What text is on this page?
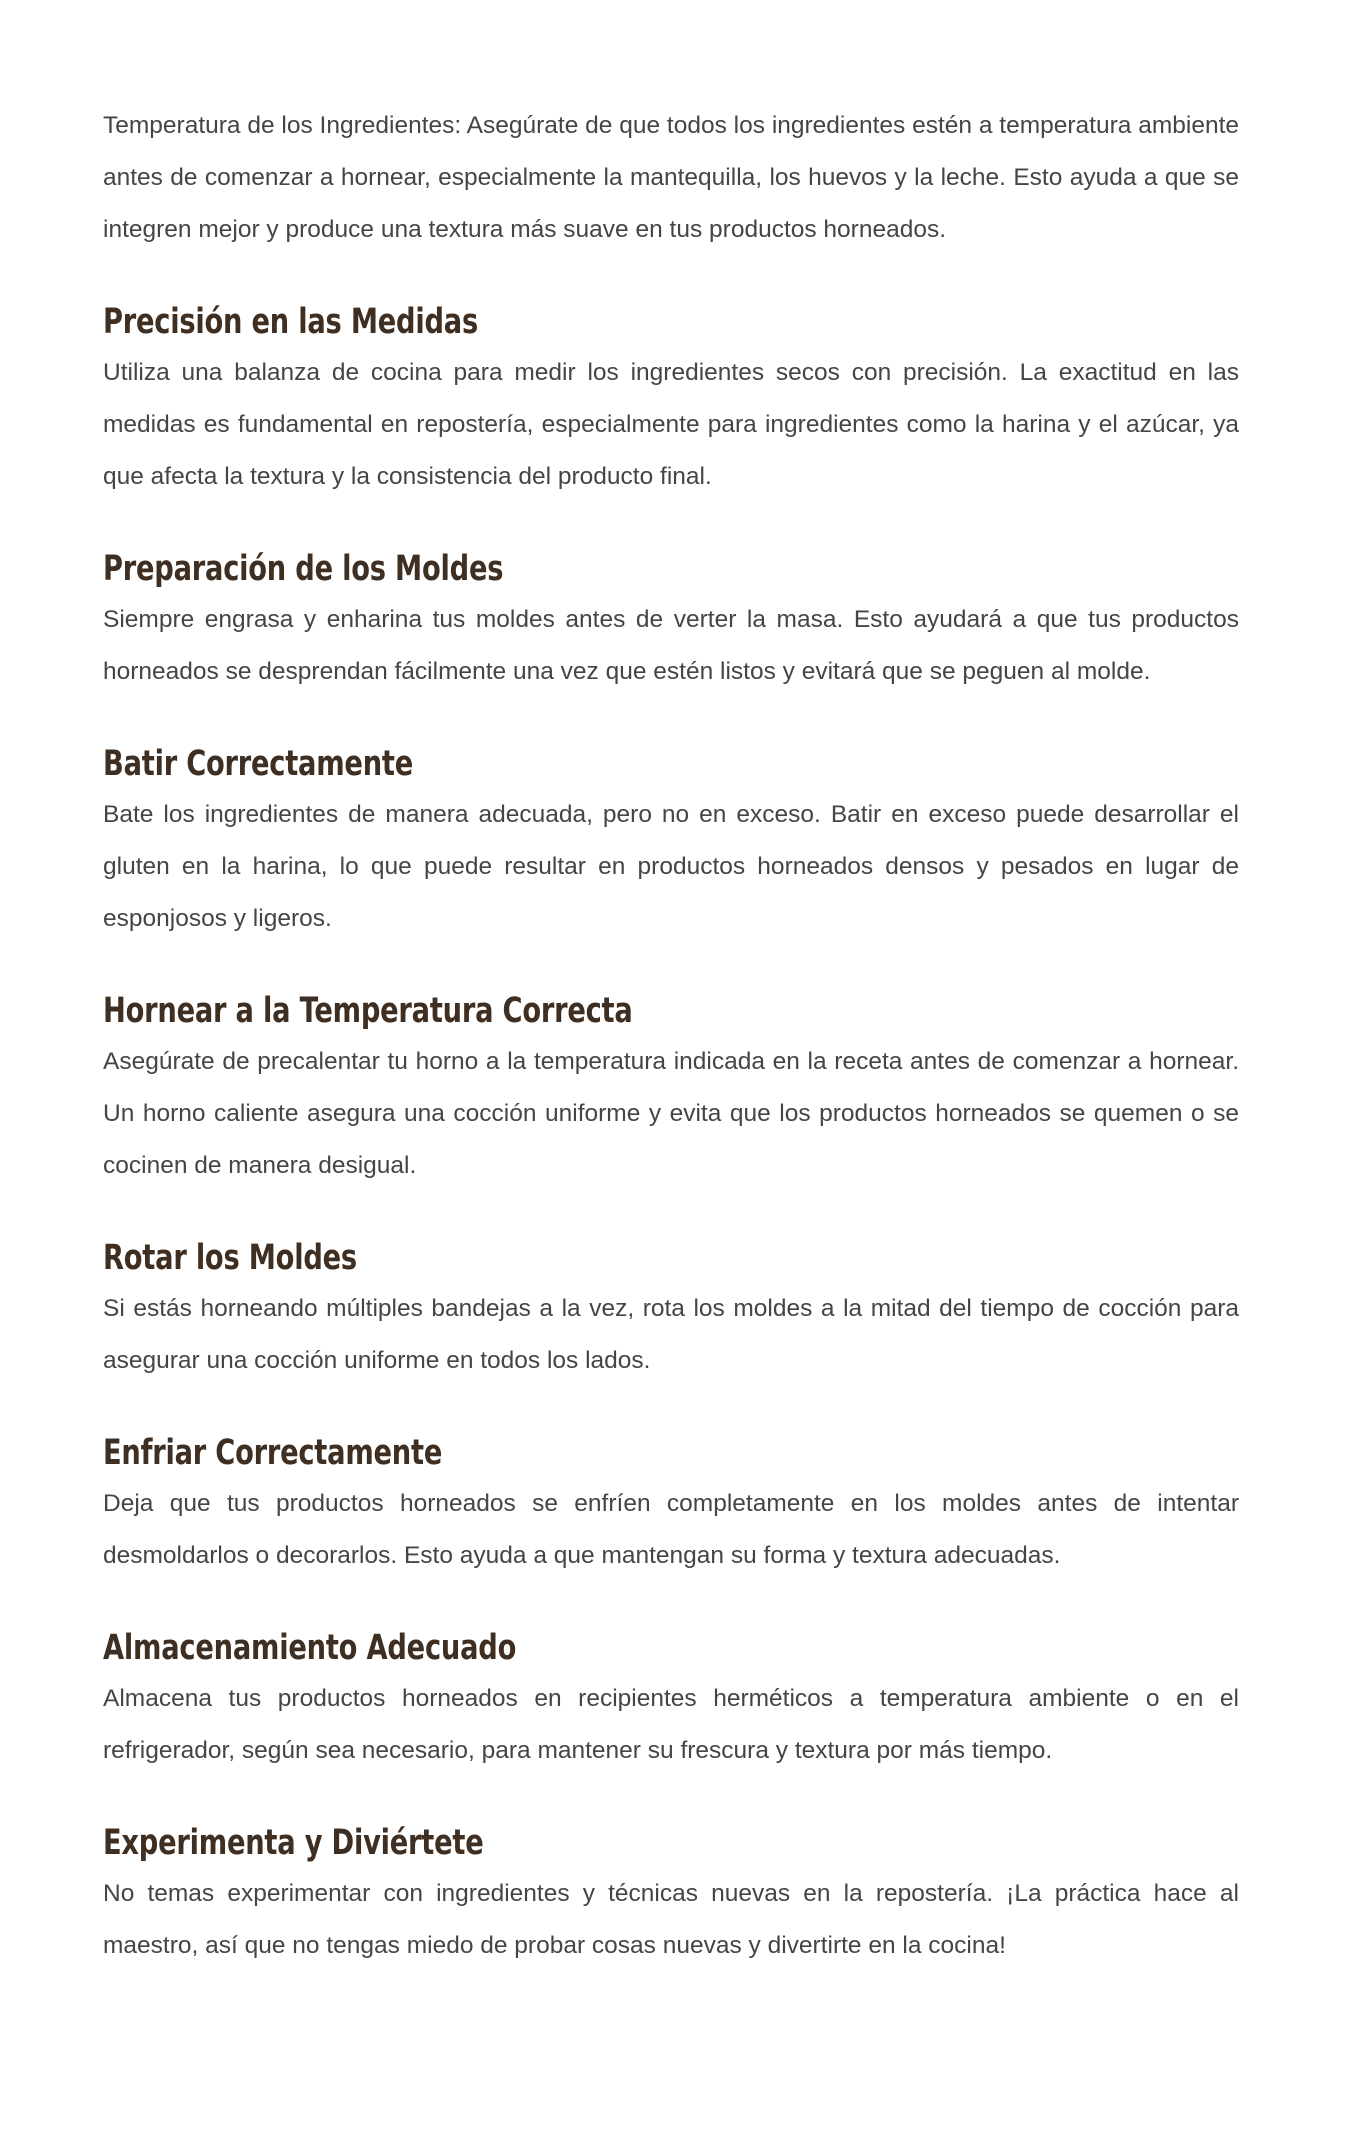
Temperatura de los Ingredientes: Asegúrate de que todos los ingredientes estén a temperatura ambiente antes de comenzar a hornear, especialmente la mantequilla, los huevos y la leche. Esto ayuda a que se integren mejor y produce una textura más suave en tus productos horneados.

Precisión en las Medidas

Utiliza una balanza de cocina para medir los ingredientes secos con precisión. La exactitud en las medidas es fundamental en repostería, especialmente para ingredientes como la harina y el azúcar, ya que afecta la textura y la consistencia del producto final.

Preparación de los Moldes

Siempre engrasa y enharina tus moldes antes de verter la masa. Esto ayudará a que tus productos horneados se desprendan fácilmente una vez que estén listos y evitará que se peguen al molde.

Batir Correctamente

Bate los ingredientes de manera adecuada, pero no en exceso. Batir en exceso puede desarrollar el gluten en la harina, lo que puede resultar en productos horneados densos y pesados en lugar de esponjosos y ligeros.

Hornear a la Temperatura Correcta

Asegúrate de precalentar tu horno a la temperatura indicada en la receta antes de comenzar a hornear. Un horno caliente asegura una cocción uniforme y evita que los productos horneados se quemen o se cocinen de manera desigual.

Rotar los Moldes

Si estás horneando múltiples bandejas a la vez, rota los moldes a la mitad del tiempo de cocción para asegurar una cocción uniforme en todos los lados.

Enfriar Correctamente

Deja que tus productos horneados se enfríen completamente en los moldes antes de intentar desmoldarlos o decorarlos. Esto ayuda a que mantengan su forma y textura adecuadas.

Almacenamiento Adecuado

Almacena tus productos horneados en recipientes herméticos a temperatura ambiente o en el refrigerador, según sea necesario, para mantener su frescura y textura por más tiempo.

Experimenta y Diviértete

No temas experimentar con ingredientes y técnicas nuevas en la repostería. ¡La práctica hace al maestro, así que no tengas miedo de probar cosas nuevas y divertirte en la cocina!
